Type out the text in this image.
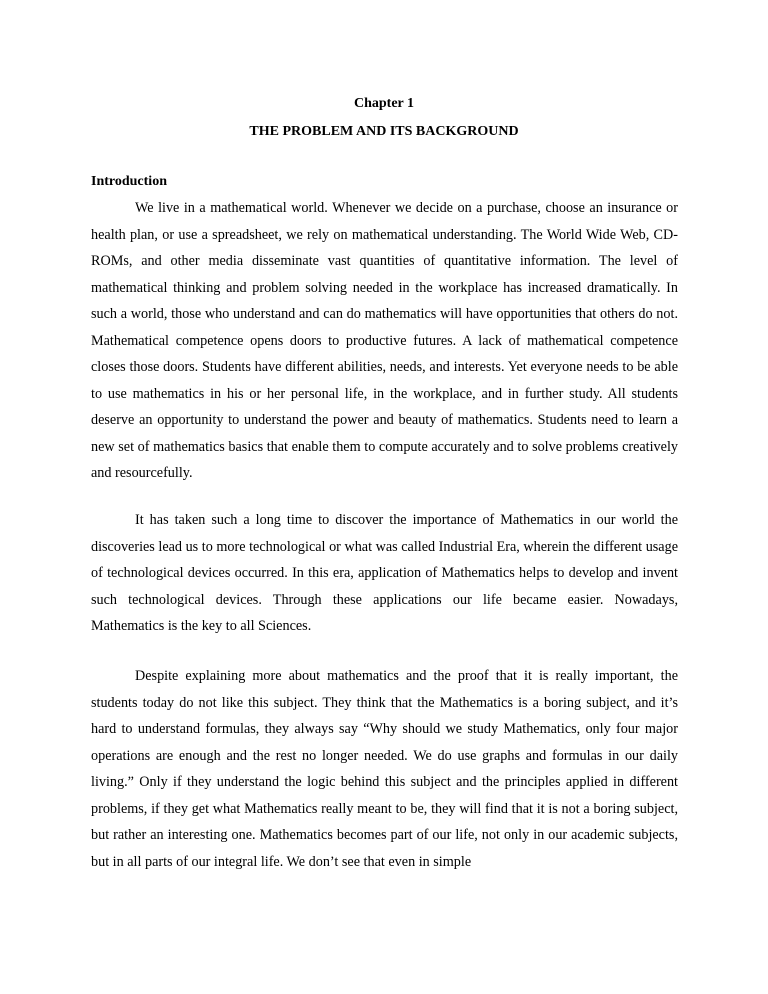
Chapter 1
THE PROBLEM AND ITS BACKGROUND
Introduction

We live in a mathematical world. Whenever we decide on a purchase, choose an insurance or health plan, or use a spreadsheet, we rely on mathematical understanding. The World Wide Web, CD-ROMs, and other media disseminate vast quantities of quantitative information. The level of mathematical thinking and problem solving needed in the workplace has increased dramatically. In such a world, those who understand and can do mathematics will have opportunities that others do not. Mathematical competence opens doors to productive futures. A lack of mathematical competence closes those doors. Students have different abilities, needs, and interests. Yet everyone needs to be able to use mathematics in his or her personal life, in the workplace, and in further study. All students deserve an opportunity to understand the power and beauty of mathematics. Students need to learn a new set of mathematics basics that enable them to compute accurately and to solve problems creatively and resourcefully.

It has taken such a long time to discover the importance of Mathematics in our world the discoveries lead us to more technological or what was called Industrial Era, wherein the different usage of technological devices occurred. In this era, application of Mathematics helps to develop and invent such technological devices. Through these applications our life became easier. Nowadays, Mathematics is the key to all Sciences.

Despite explaining more about mathematics and the proof that it is really important, the students today do not like this subject. They think that the Mathematics is a boring subject, and it’s hard to understand formulas, they always say “Why should we study Mathematics, only four major operations are enough and the rest no longer needed. We do use graphs and formulas in our daily living.” Only if they understand the logic behind this subject and the principles applied in different problems, if they get what Mathematics really meant to be, they will find that it is not a boring subject, but rather an interesting one. Mathematics becomes part of our life, not only in our academic subjects, but in all parts of our integral life. We don’t see that even in simple
